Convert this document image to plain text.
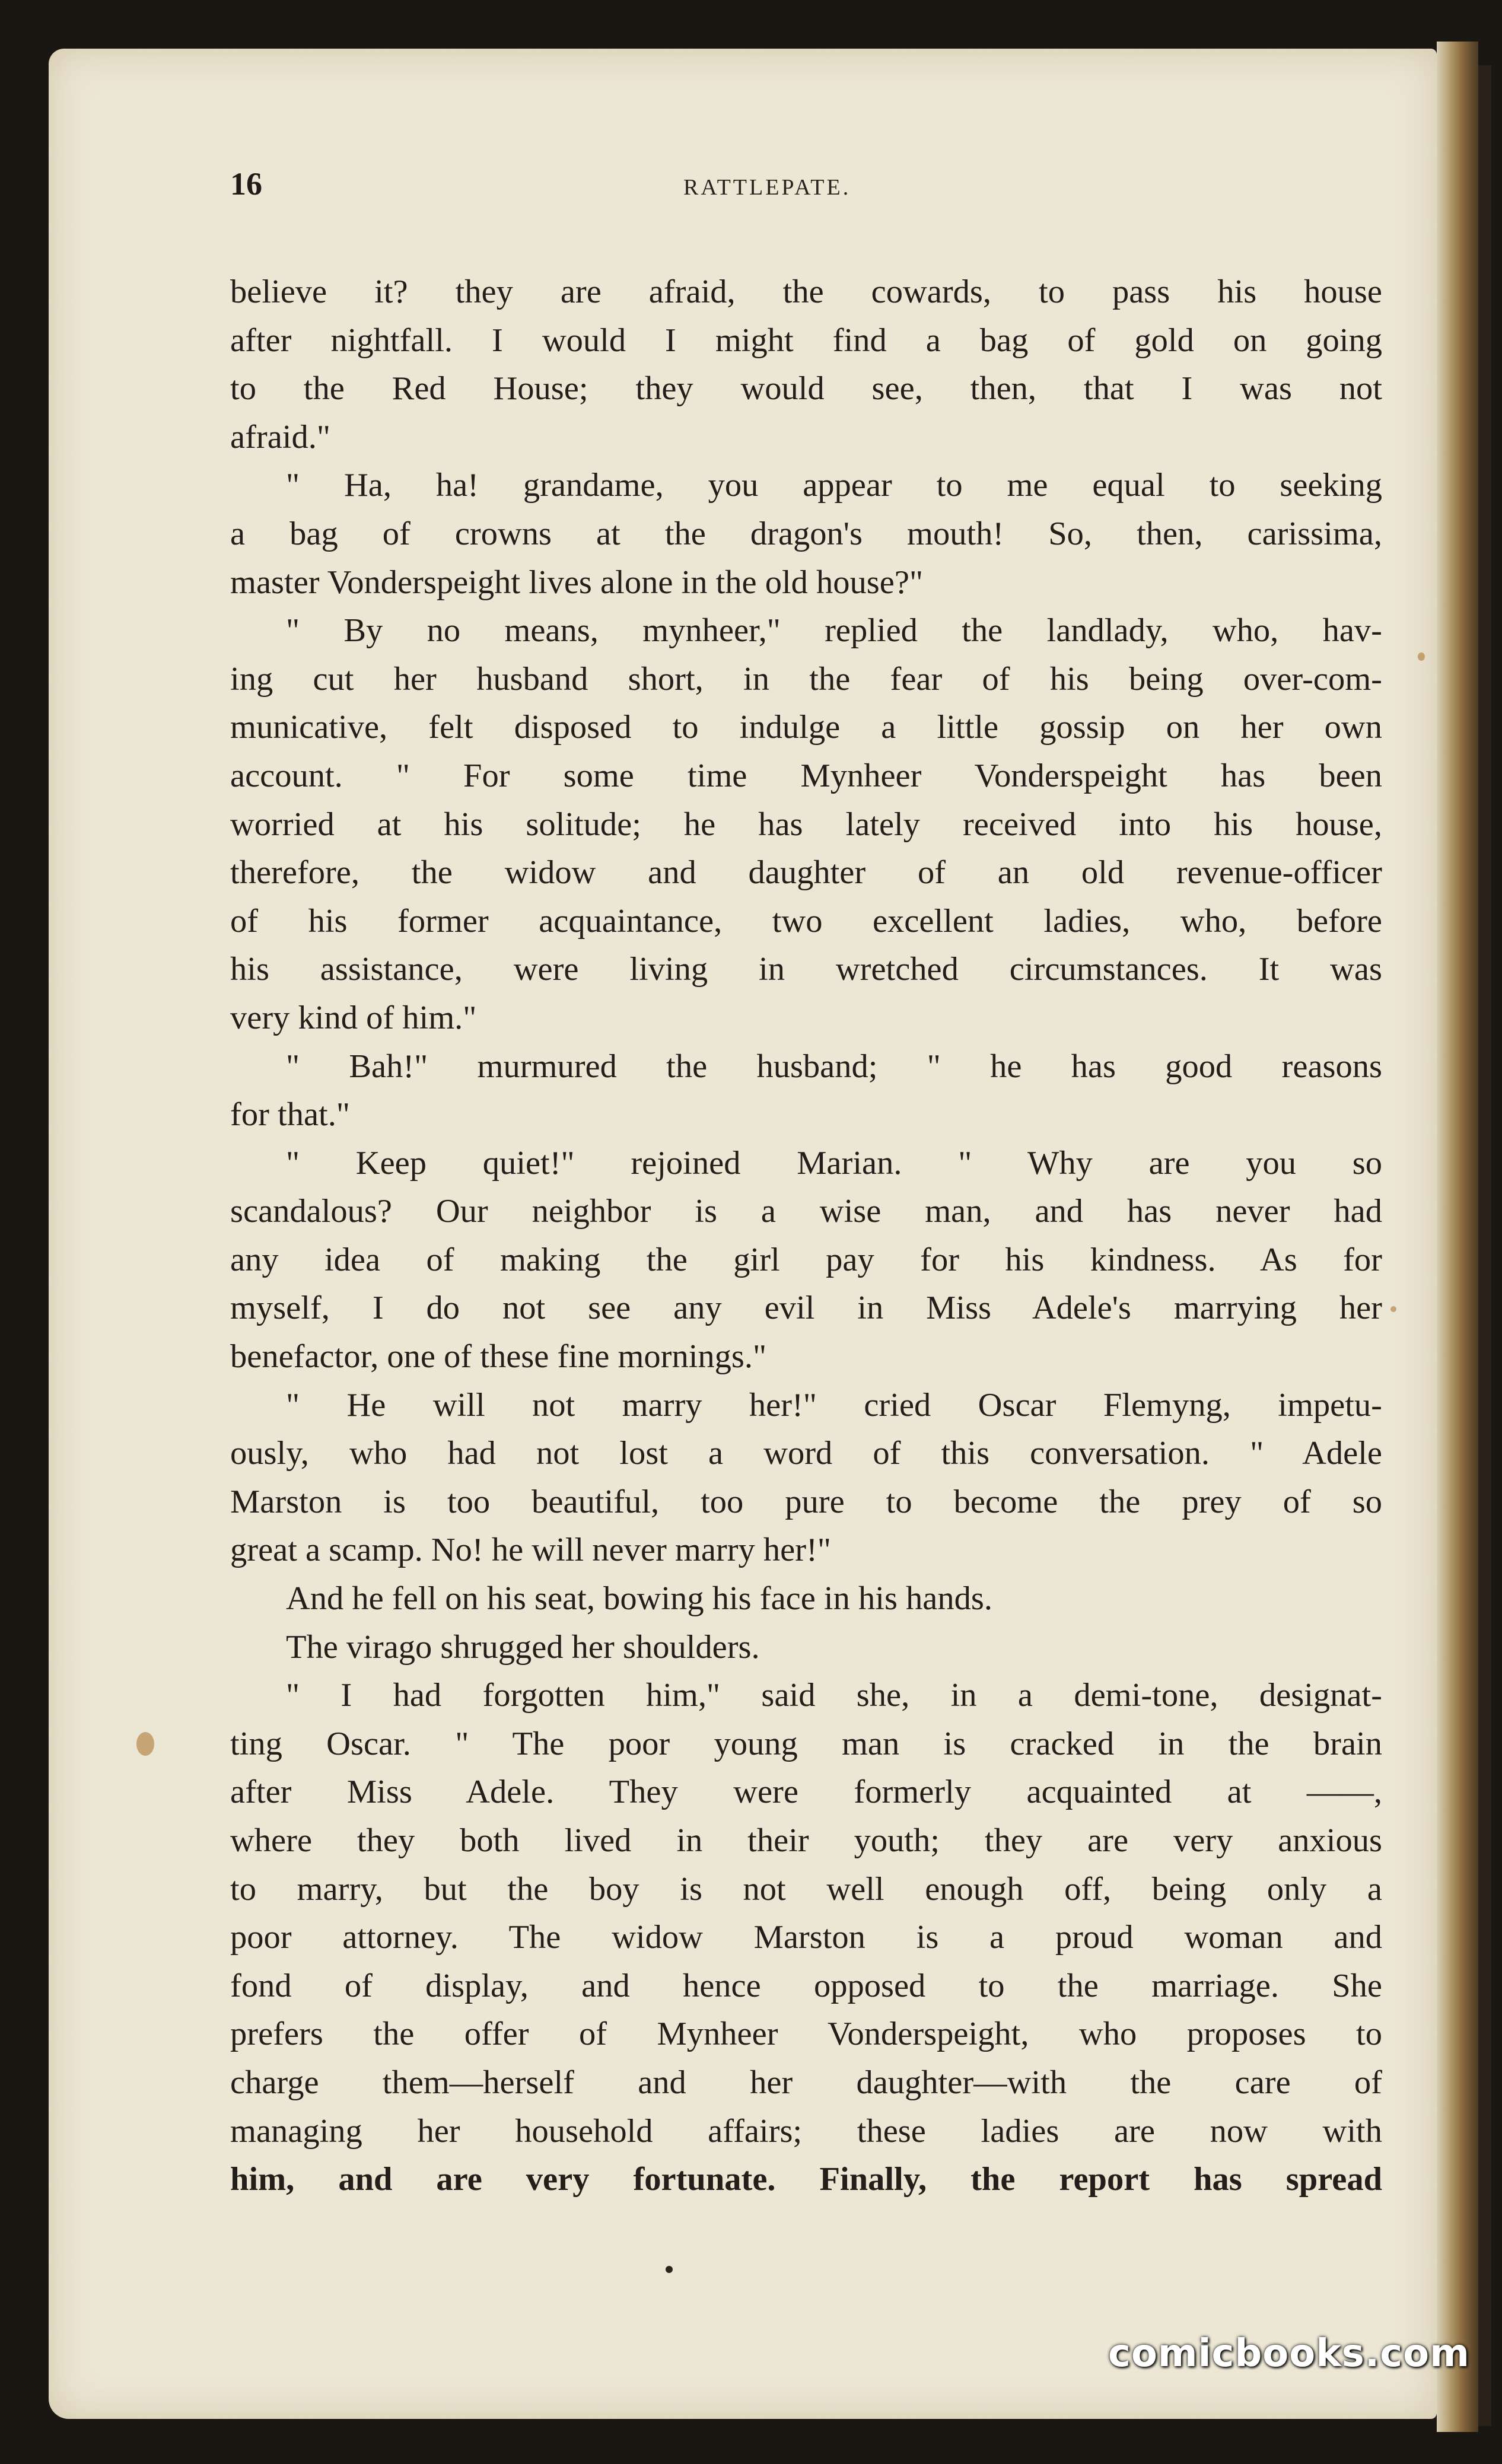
16	RATTLEPATE.
believe it? they are afraid, the cowards, to pass his house
after nightfall. I would I might find a bag of gold on going
to the Red House; they would see, then, that I was not
afraid."
" Ha, ha! grandame, you appear to me equal to seeking
a bag of crowns at the dragon's mouth! So, then, carissima,
master Vonderspeight lives alone in the old house?"
" By no means, mynheer," replied the landlady, who, hav-
ing cut her husband short, in the fear of his being over-com-
municative, felt disposed to indulge a little gossip on her own
account. " For some time Mynheer Vonderspeight has been
worried at his solitude; he has lately received into his house,
therefore, the widow and daughter of an old revenue-officer
of his former acquaintance, two excellent ladies, who, before
his assistance, were living in wretched circumstances. It was
very kind of him."
" Bah!" murmured the husband; " he has good reasons
for that."
" Keep quiet!" rejoined Marian. " Why are you so
scandalous? Our neighbor is a wise man, and has never had
any idea of making the girl pay for his kindness. As for
myself, I do not see any evil in Miss Adele's marrying her
benefactor, one of these fine mornings."
" He will not marry her!" cried Oscar Flemyng, impetu-
ously, who had not lost a word of this conversation. " Adele
Marston is too beautiful, too pure to become the prey of so
great a scamp. No! he will never marry her!"
And he fell on his seat, bowing his face in his hands.
The virago shrugged her shoulders.
" I had forgotten him," said she, in a demi-tone, designat-
ting Oscar. " The poor young man is cracked in the brain
after Miss Adele. They were formerly acquainted at ——,
where they both lived in their youth; they are very anxious
to marry, but the boy is not well enough off, being only a
poor attorney. The widow Marston is a proud woman and
fond of display, and hence opposed to the marriage. She
prefers the offer of Mynheer Vonderspeight, who proposes to
charge them—herself and her daughter—with the care of
managing her household affairs; these ladies are now with
him, and are very fortunate. Finally, the report has spread
comicbooks.com
